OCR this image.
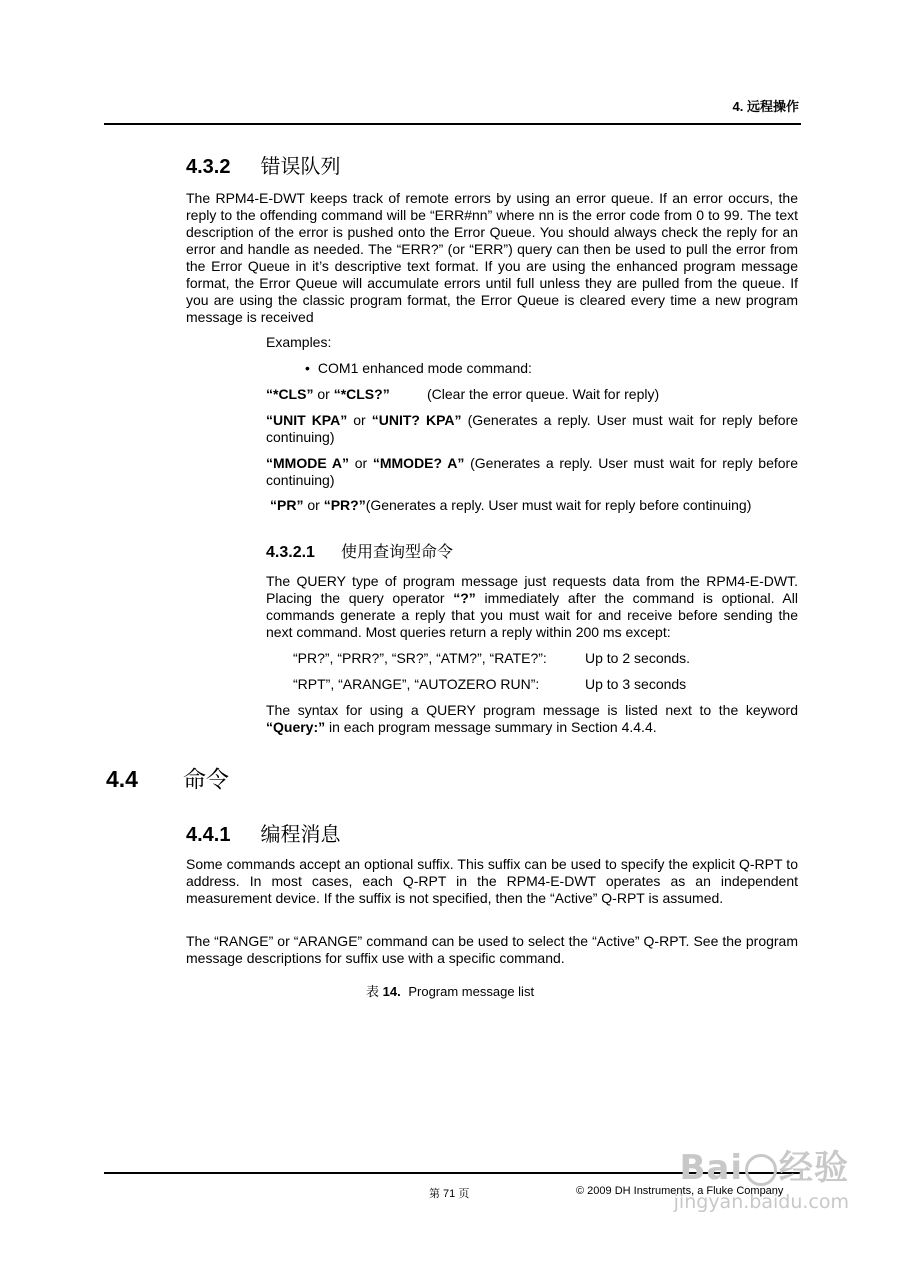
4. 远程操作
4.3.2 错误队列
The RPM4-E-DWT keeps track of remote errors by using an error queue. If an error occurs, the reply to the offending command will be “ERR#nn” where nn is the error code from 0 to 99. The text description of the error is pushed onto the Error Queue. You should always check the reply for an error and handle as needed. The “ERR?” (or “ERR”) query can then be used to pull the error from the Error Queue in it’s descriptive text format. If you are using the enhanced program message format, the Error Queue will accumulate errors until full unless they are pulled from the queue. If you are using the classic program format, the Error Queue is cleared every time a new program message is received
Examples:
• COM1 enhanced mode command:
“*CLS” or “*CLS?”	(Clear the error queue. Wait for reply)
“UNIT KPA” or “UNIT? KPA” (Generates a reply. User must wait for reply before continuing)
“MMODE A” or “MMODE? A” (Generates a reply. User must wait for reply before continuing)
“PR” or “PR?”(Generates a reply. User must wait for reply before continuing)
4.3.2.1 使用查询型命令
The QUERY type of program message just requests data from the RPM4-E-DWT. Placing the query operator “?” immediately after the command is optional. All commands generate a reply that you must wait for and receive before sending the next command. Most queries return a reply within 200 ms except:
“PR?”, “PRR?”, “SR?”, “ATM?”, “RATE?”:	Up to 2 seconds.
“RPT”, “ARANGE”, “AUTOZERO RUN”:	Up to 3 seconds
The syntax for using a QUERY program message is listed next to the keyword “Query:” in each program message summary in Section 4.4.4.
4.4 命令
4.4.1 编程消息
Some commands accept an optional suffix. This suffix can be used to specify the explicit Q-RPT to address. In most cases, each Q-RPT in the RPM4-E-DWT operates as an independent measurement device. If the suffix is not specified, then the “Active” Q-RPT is assumed.
The “RANGE” or “ARANGE” command can be used to select the “Active” Q-RPT. See the program message descriptions for suffix use with a specific command.
表 14. Program message list
第 71 页	© 2009 DH Instruments, a Fluke Company
Bai 经验
jingyan.baidu.com
